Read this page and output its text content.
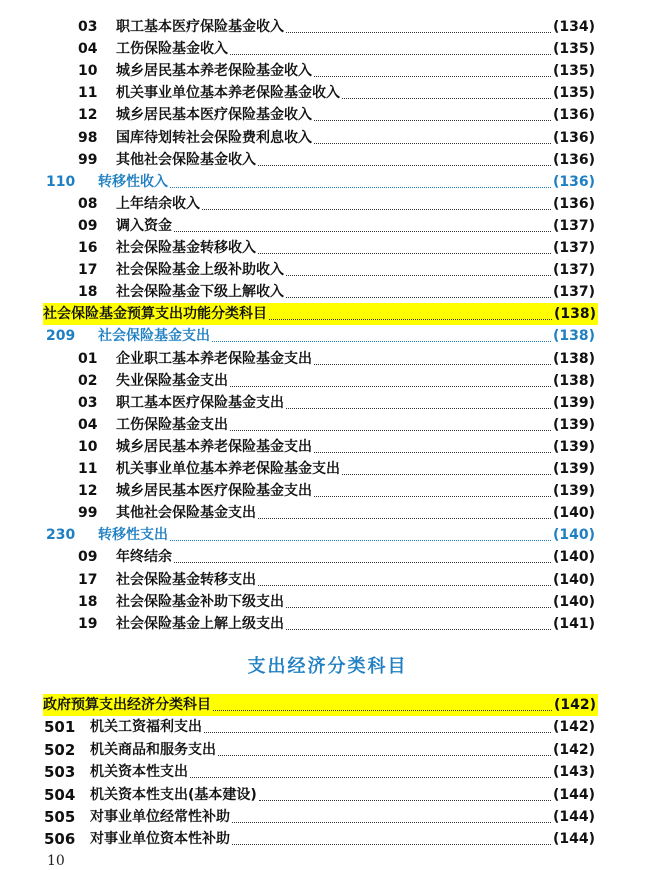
03 职工基本医疗保险基金收入	(134)
04 工伤保险基金收入	(135)
10 城乡居民基本养老保险基金收入	(135)
11 机关事业单位基本养老保险基金收入	(135)
12 城乡居民基本医疗保险基金收入	(136)
98 国库待划转社会保险费利息收入	(136)
99 其他社会保险基金收入	(136)
110 转移性收入	(136)
08 上年结余收入	(136)
09 调入资金	(137)
16 社会保险基金转移收入	(137)
17 社会保险基金上级补助收入	(137)
18 社会保险基金下级上解收入	(137)
社会保险基金预算支出功能分类科目	(138)
209 社会保险基金支出	(138)
01 企业职工基本养老保险基金支出	(138)
02 失业保险基金支出	(138)
03 职工基本医疗保险基金支出	(139)
04 工伤保险基金支出	(139)
10 城乡居民基本养老保险基金支出	(139)
11 机关事业单位基本养老保险基金支出	(139)
12 城乡居民基本医疗保险基金支出	(139)
99 其他社会保险基金支出	(140)
230 转移性支出	(140)
09 年终结余	(140)
17 社会保险基金转移支出	(140)
18 社会保险基金补助下级支出	(140)
19 社会保险基金上解上级支出	(141)
支出经济分类科目
政府预算支出经济分类科目	(142)
501 机关工资福利支出	(142)
502 机关商品和服务支出	(142)
503 机关资本性支出	(143)
504 机关资本性支出(基本建设)	(144)
505 对事业单位经常性补助	(144)
506 对事业单位资本性补助	(144)
10
